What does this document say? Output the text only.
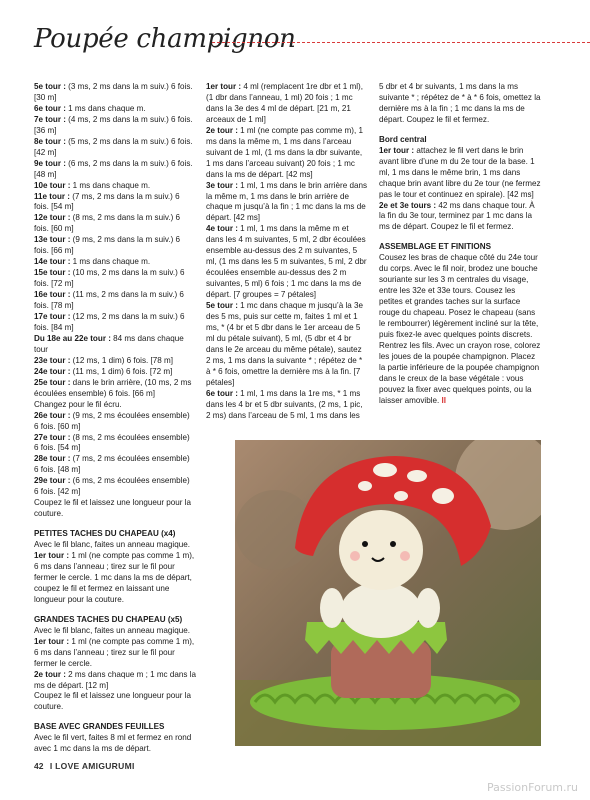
Poupée champignon

5e tour : (3 ms, 2 ms dans la m suiv.) 6 fois. [30 m]

6e tour : 1 ms dans chaque m.

7e tour : (4 ms, 2 ms dans la m suiv.) 6 fois. [36 m]

8e tour : (5 ms, 2 ms dans la m suiv.) 6 fois. [42 m]

9e tour : (6 ms, 2 ms dans la m suiv.) 6 fois. [48 m]

10e tour : 1 ms dans chaque m.

11e tour : (7 ms, 2 ms dans la m suiv.) 6 fois. [54 m]

12e tour : (8 ms, 2 ms dans la m suiv.) 6 fois. [60 m]

13e tour : (9 ms, 2 ms dans la m suiv.) 6 fois. [66 m]

14e tour : 1 ms dans chaque m.

15e tour : (10 ms, 2 ms dans la m suiv.) 6 fois. [72 m]

16e tour : (11 ms, 2 ms dans la m suiv.) 6 fois. [78 m]

17e tour : (12 ms, 2 ms dans la m suiv.) 6 fois. [84 m]

Du 18e au 22e tour : 84 ms dans chaque tour

23e tour : (12 ms, 1 dim) 6 fois. [78 m]

24e tour : (11 ms, 1 dim) 6 fois. [72 m]

25e tour : dans le brin arrière, (10 ms, 2 ms écoulées ensemble) 6 fois. [66 m]

Changez pour le fil écru.

26e tour : (9 ms, 2 ms écoulées ensemble) 6 fois. [60 m]

27e tour : (8 ms, 2 ms écoulées ensemble) 6 fois. [54 m]

28e tour : (7 ms, 2 ms écoulées ensemble) 6 fois. [48 m]

29e tour : (6 ms, 2 ms écoulées ensemble) 6 fois. [42 m]

Coupez le fil et laissez une longueur pour la couture.

PETITES TACHES DU CHAPEAU (x4)

Avec le fil blanc, faites un anneau magique.

1er tour : 1 ml (ne compte pas comme 1 m), 6 ms dans l’anneau ; tirez sur le fil pour fermer le cercle. 1 mc dans la ms de départ, coupez le fil et fermez en laissant une longueur pour la couture.

GRANDES TACHES DU CHAPEAU (x5)

Avec le fil blanc, faites un anneau magique.

1er tour : 1 ml (ne compte pas comme 1 m), 6 ms dans l’anneau ; tirez sur le fil pour fermer le cercle.

2e tour : 2 ms dans chaque m ; 1 mc dans la ms de départ. [12 m]

Coupez le fil et laissez une longueur pour la couture.

BASE AVEC GRANDES FEUILLES

Avec le fil vert, faites 8 ml et fermez en rond avec 1 mc dans la ms de départ.

1er tour : 4 ml (remplacent 1re dbr et 1 ml), (1 dbr dans l’anneau, 1 ml) 20 fois ; 1 mc dans la 3e des 4 ml de départ. [21 m, 21 arceaux de 1 ml]

2e tour : 1 ml (ne compte pas comme m), 1 ms dans la même m, 1 ms dans l’arceau suivant de 1 ml, (1 ms dans la dbr suivante, 1 ms dans l’arceau suivant) 20 fois ; 1 mc dans la ms de départ. [42 ms]

3e tour : 1 ml, 1 ms dans le brin arrière dans la même m, 1 ms dans le brin arrière de chaque m jusqu’à la fin ; 1 mc dans la ms de départ. [42 ms]

4e tour : 1 ml, 1 ms dans la même m et dans les 4 m suivantes, 5 ml, 2 dbr écoulées ensemble au-dessus des 2 m suivantes, 5 ml, (1 ms dans les 5 m suivantes, 5 ml, 2 dbr écoulées ensemble au-dessus des 2 m suivantes, 5 ml) 6 fois ; 1 mc dans la ms de départ. [7 groupes = 7 pétales]

5e tour : 1 mc dans chaque m jusqu’à la 3e des 5 ms, puis sur cette m, faites 1 ml et 1 ms, * (4 br et 5 dbr dans le 1er arceau de 5 ml du pétale suivant), 5 ml, (5 dbr et 4 br dans le 2e arceau du même pétale), sautez 2 ms, 1 ms dans la suivante * ; répétez de * à * 6 fois, omettre la dernière ms à la fin. [7 pétales]

6e tour : 1 ml, 1 ms dans la 1re ms, * 1 ms dans les 4 br et 5 dbr suivants, (2 ms, 1 pic, 2 ms) dans l’arceau de 5 ml, 1 ms dans les

5 dbr et 4 br suivants, 1 ms dans la ms suivante * ; répétez de * à * 6 fois, omettez la dernière ms à la fin ; 1 mc dans la ms de départ. Coupez le fil et fermez.

Bord central

1er tour : attachez le fil vert dans le brin avant libre d’une m du 2e tour de la base. 1 ml, 1 ms dans le même brin, 1 ms dans chaque brin avant libre du 2e tour (ne fermez pas le tour et continuez en spirale). [42 ms]

2e et 3e tours : 42 ms dans chaque tour. À la fin du 3e tour, terminez par 1 mc dans la ms de départ. Coupez le fil et fermez.

ASSEMBLAGE ET FINITIONS

Cousez les bras de chaque côté du 24e tour du corps. Avec le fil noir, brodez une bouche souriante sur les 3 m centrales du visage, entre les 32e et 33e tours. Cousez les petites et grandes taches sur la surface rouge du chapeau. Posez le chapeau (sans le rembourrer) légèrement incliné sur la tête, puis fixez-le avec quelques points discrets. Rentrez les fils. Avec un crayon rose, colorez les joues de la poupée champignon. Placez la partie inférieure de la poupée champignon dans le creux de la base végétale : vous pouvez la fixer avec quelques points, ou la laisser amovible. II

42 I LOVE AMIGURUMI
PassionForum.ru
